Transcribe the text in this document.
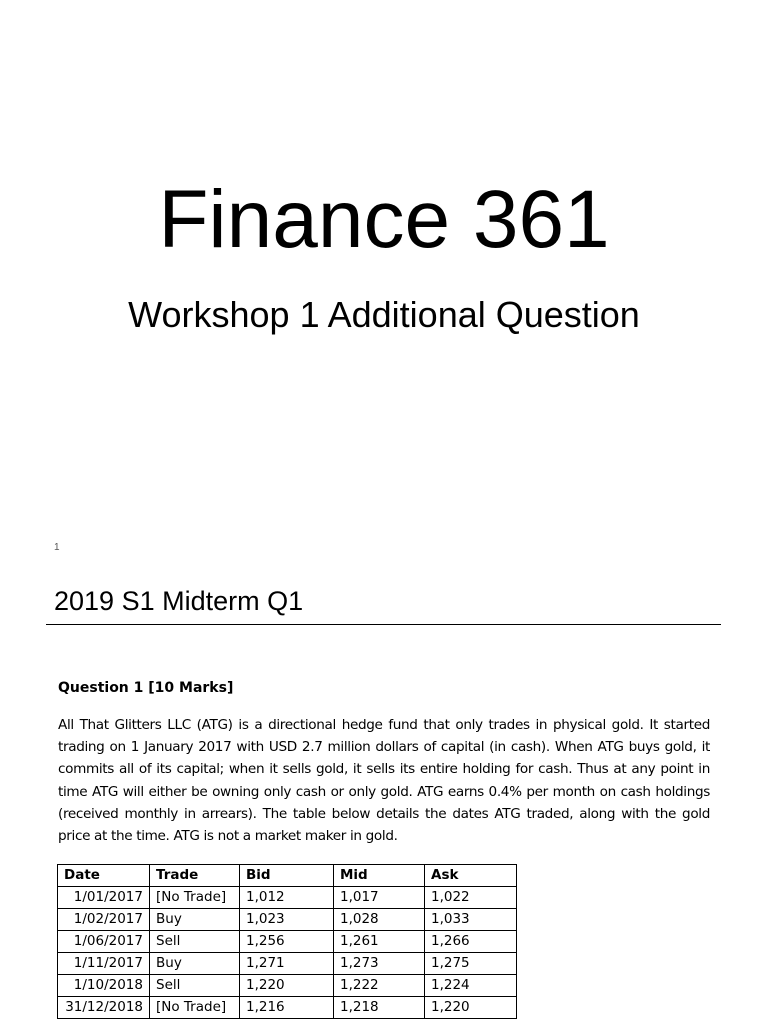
Finance 361
Workshop 1 Additional Question
1
2019 S1 Midterm Q1

Question 1 [10 Marks]

All That Glitters LLC (ATG) is a directional hedge fund that only trades in physical gold. It started trading on 1 January 2017 with USD 2.7 million dollars of capital (in cash). When ATG buys gold, it commits all of its capital; when it sells gold, it sells its entire holding for cash. Thus at any point in time ATG will either be owning only cash or only gold. ATG earns 0.4% per month on cash holdings (received monthly in arrears). The table below details the dates ATG traded, along with the gold price at the time. ATG is not a market maker in gold.

Date	Trade	Bid	Mid	Ask
1/01/2017	[No Trade]	1,012	1,017	1,022
1/02/2017	Buy	1,023	1,028	1,033
1/06/2017	Sell	1,256	1,261	1,266
1/11/2017	Buy	1,271	1,273	1,275
1/10/2018	Sell	1,220	1,222	1,224
31/12/2018	[No Trade]	1,216	1,218	1,220
